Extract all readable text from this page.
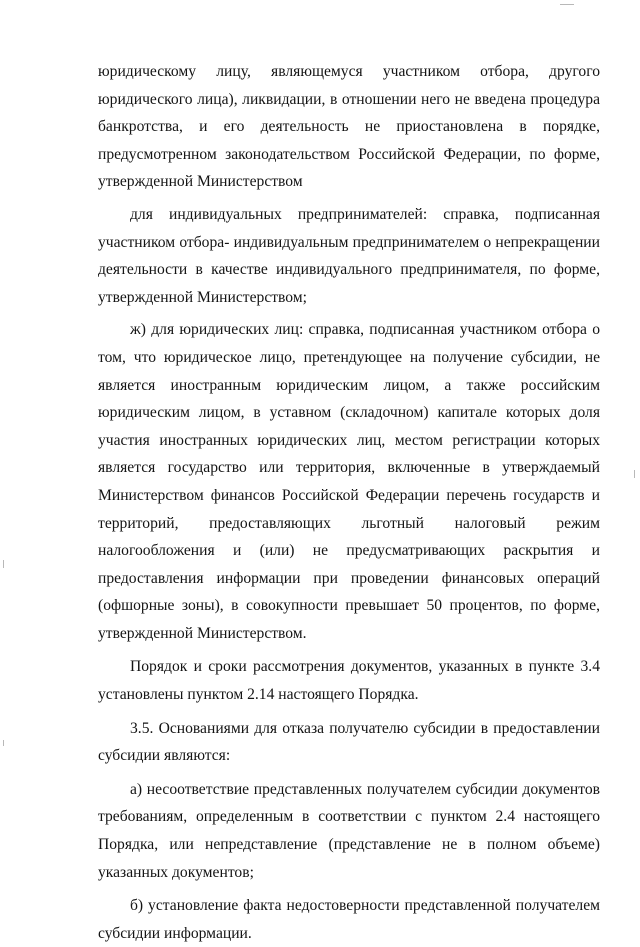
юридическому лицу, являющемуся участником отбора, другого юридического лица), ликвидации, в отношении него не введена процедура банкротства, и его деятельность не приостановлена в порядке, предусмотренном законодательством Российской Федерации, по форме, утвержденной Министерством

для индивидуальных предпринимателей: справка, подписанная участником отбора- индивидуальным предпринимателем о непрекращении деятельности в качестве индивидуального предпринимателя, по форме, утвержденной Министерством;

ж) для юридических лиц: справка, подписанная участником отбора о том, что юридическое лицо, претендующее на получение субсидии, не является иностранным юридическим лицом, а также российским юридическим лицом, в уставном (складочном) капитале которых доля участия иностранных юридических лиц, местом регистрации которых является государство или территория, включенные в утверждаемый Министерством финансов Российской Федерации перечень государств и территорий, предоставляющих льготный налоговый режим налогообложения и (или) не предусматривающих раскрытия и предоставления информации при проведении финансовых операций (офшорные зоны), в совокупности превышает 50 процентов, по форме, утвержденной Министерством.

Порядок и сроки рассмотрения документов, указанных в пункте 3.4 установлены пунктом 2.14 настоящего Порядка.

3.5. Основаниями для отказа получателю субсидии в предоставлении субсидии являются:

а) несоответствие представленных получателем субсидии документов требованиям, определенным в соответствии с пунктом 2.4 настоящего Порядка, или непредставление (представление не в полном объеме) указанных документов;

б) установление факта недостоверности представленной получателем субсидии информации.
